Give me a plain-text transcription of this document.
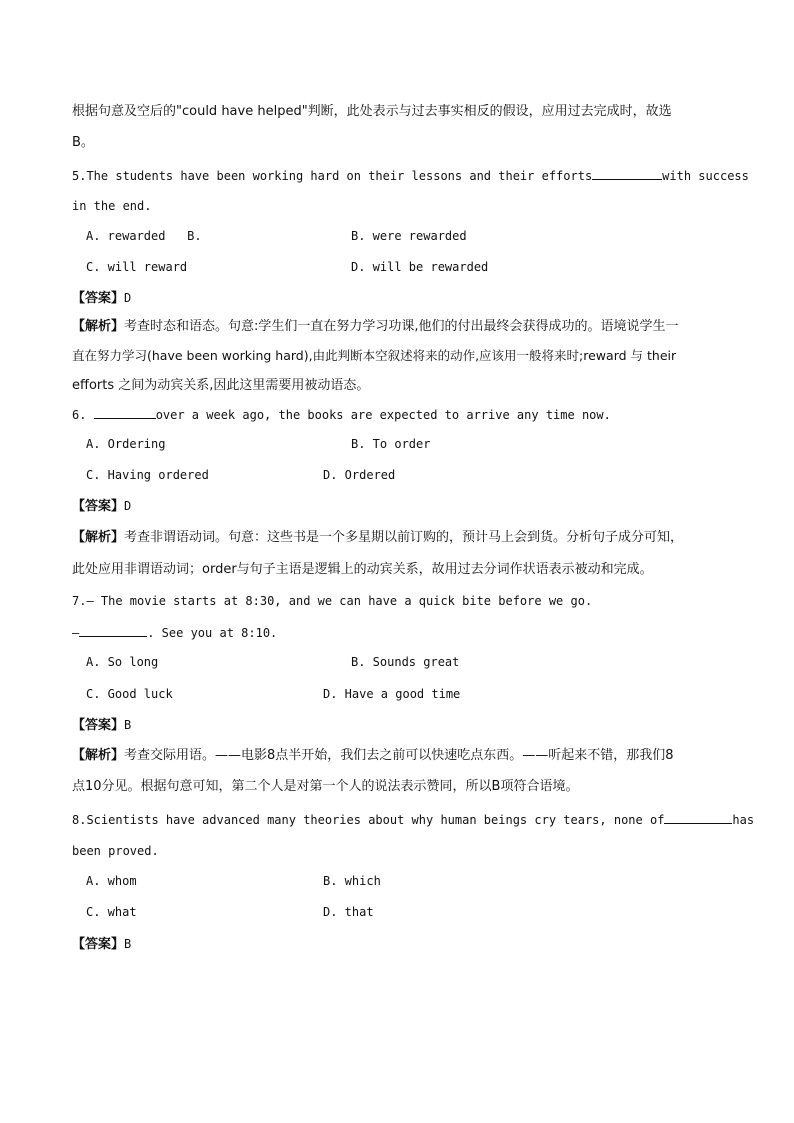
根据句意及空后的"could have helped"判断，此处表示与过去事实相反的假设，应用过去完成时，故选
B。
5.The students have been working hard on their lessons and their efforts	with success
in the end.
A. rewarded   B.	B. were rewarded
C. will reward	D. will be rewarded
【答案】D
【解析】考查时态和语态。句意:学生们一直在努力学习功课,他们的付出最终会获得成功的。语境说学生一
直在努力学习(have been working hard),由此判断本空叙述将来的动作,应该用一般将来时;reward 与 their
efforts 之间为动宾关系,因此这里需要用被动语态。
6.	over a week ago, the books are expected to arrive any time now.
A. Ordering	B. To order
C. Having ordered	D. Ordered
【答案】D
【解析】考查非谓语动词。句意：这些书是一个多星期以前订购的，预计马上会到货。分析句子成分可知，
此处应用非谓语动词；order与句子主语是逻辑上的动宾关系，故用过去分词作状语表示被动和完成。
7.— The movie starts at 8:30, and we can have a quick bite before we go.
—	. See you at 8:10.
A. So long	B. Sounds great
C. Good luck	D. Have a good time
【答案】B
【解析】考查交际用语。——电影8点半开始，我们去之前可以快速吃点东西。——听起来不错，那我们8
点10分见。根据句意可知，第二个人是对第一个人的说法表示赞同，所以B项符合语境。
8.Scientists have advanced many theories about why human beings cry tears, none of	has
been proved.
A. whom	B. which
C. what	D. that
【答案】B
